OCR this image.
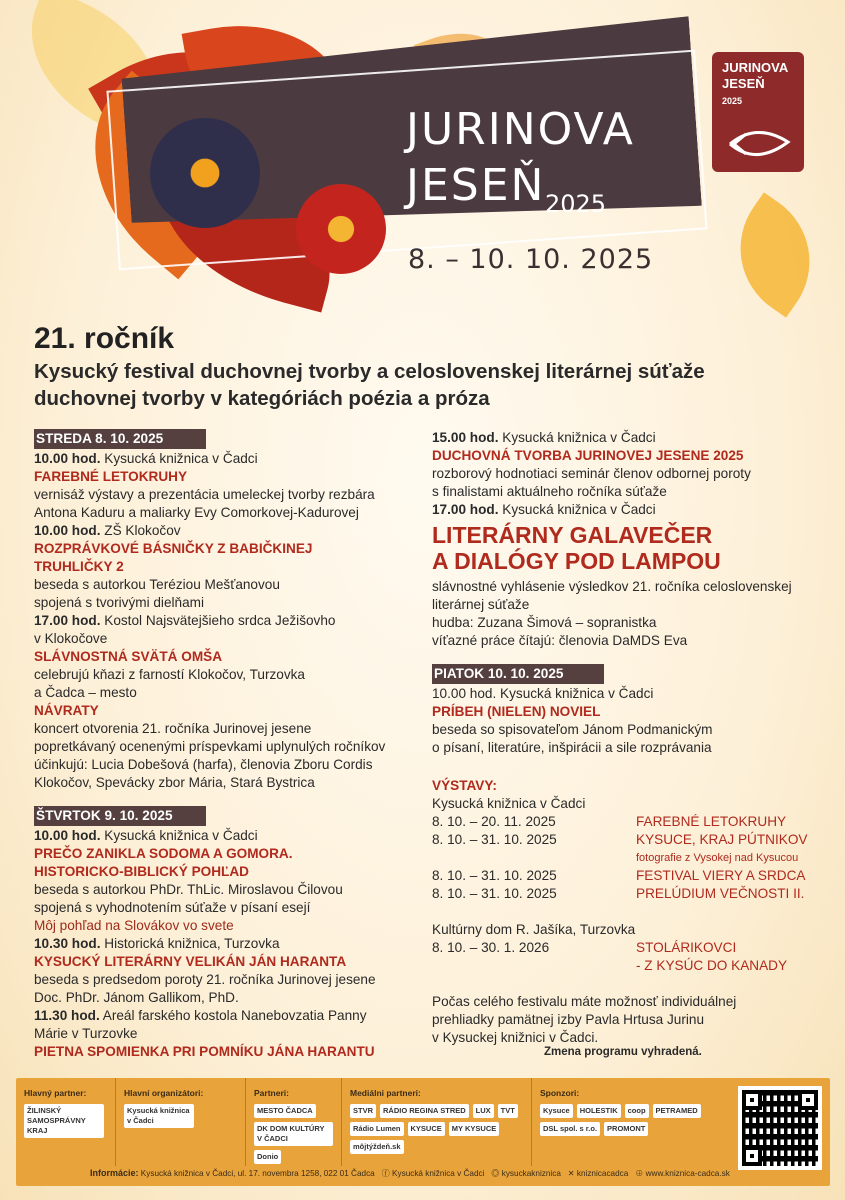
JURINOVA
JESEŇ 2025
8. – 10. 10. 2025
JURINOVA
JESEŇ
2025
21. ročník
Kysucký festival duchovnej tvorby a celoslovenskej literárnej súťaže
duchovnej tvorby v kategóriách poézia a próza
STREDA 8. 10. 2025
10.00 hod. Kysucká knižnica v Čadci
FAREBNÉ LETOKRUHY
vernisáž výstavy a prezentácia umeleckej tvorby rezbára
Antona Kaduru a maliarky Evy Comorkovej-Kadurovej
10.00 hod. ZŠ Klokočov
ROZPRÁVKOVÉ BÁSNIČKY Z BABIČKINEJ
TRUHLIČKY 2
beseda s autorkou Teréziou Mešťanovou
spojená s tvorivými dielňami
17.00 hod. Kostol Najsvätejšieho srdca Ježišovho
v Klokočove
SLÁVNOSTNÁ SVÄTÁ OMŠA
celebrujú kňazi z farností Klokočov, Turzovka
a Čadca – mesto
NÁVRATY
koncert otvorenia 21. ročníka Jurinovej jesene
popretkávaný ocenenými príspevkami uplynulých ročníkov
účinkujú: Lucia Dobešová (harfa), členovia Zboru Cordis
Klokočov, Spevácky zbor Mária, Stará Bystrica
ŠTVRTOK 9. 10. 2025
10.00 hod. Kysucká knižnica v Čadci
PREČO ZANIKLA SODOMA A GOMORA.
HISTORICKO-BIBLICKÝ POHĽAD
beseda s autorkou PhDr. ThLic. Miroslavou Čilovou
spojená s vyhodnotením súťaže v písaní esejí
Môj pohľad na Slovákov vo svete
10.30 hod. Historická knižnica, Turzovka
KYSUCKÝ LITERÁRNY VELIKÁN JÁN HARANTA
beseda s predsedom poroty 21. ročníka Jurinovej jesene
Doc. PhDr. Jánom Gallikom, PhD.
11.30 hod. Areál farského kostola Nanebovzatia Panny
Márie v Turzovke
PIETNA SPOMIENKA PRI POMNÍKU JÁNA HARANTU
15.00 hod. Kysucká knižnica v Čadci
DUCHOVNÁ TVORBA JURINOVEJ JESENE 2025
rozborový hodnotiaci seminár členov odbornej poroty
s finalistami aktuálneho ročníka súťaže
17.00 hod. Kysucká knižnica v Čadci
LITERÁRNY GALAVEČER
A DIALÓGY POD LAMPOU
slávnostné vyhlásenie výsledkov 21. ročníka celoslovenskej
literárnej súťaže
hudba: Zuzana Šimová – sopranistka
víťazné práce čítajú: členovia DaMDS Eva
PIATOK 10. 10. 2025
10.00 hod. Kysucká knižnica v Čadci
PRÍBEH (NIELEN) NOVIEL
beseda so spisovateľom Jánom Podmanickým
o písaní, literatúre, inšpirácii a sile rozprávania
VÝSTAVY:
Kysucká knižnica v Čadci
8. 10. – 20. 11. 2025	FAREBNÉ LETOKRUHY
8. 10. – 31. 10. 2025	KYSUCE, KRAJ PÚTNIKOV
fotografie z Vysokej nad Kysucou
8. 10. – 31. 10. 2025	FESTIVAL VIERY A SRDCA
8. 10. – 31. 10. 2025	PRELÚDIUM VEČNOSTI II.
Kultúrny dom R. Jašíka, Turzovka
8. 10. – 30. 1. 2026	STOLÁRIKOVCI
- Z KYSÚC DO KANADY
Počas celého festivalu máte možnosť individuálnej
prehliadky pamätnej izby Pavla Hrtusa Jurinu
v Kysuckej knižnici v Čadci.
Zmena programu vyhradená.
Hlavný partner:
ŽILINSKÝ SAMOSPRÁVNY KRAJ
Hlavní organizátori:
Kysucká knižnica v Čadci
Partneri:
MESTO ČADCA
DK DOM KULTÚRY V ČADCI
Donio
Mediálni partneri:
STVR	RÁDIO REGINA STRED	LUX	TVT
Rádio Lumen	KYSUCE	MY KYSUCE
môjtýždeň.sk
Sponzori:
Kysuce	HOLESTIK	coop	PETRAMED
DSL spol. s r.o.	PROMONT
Informácie: Kysucká knižnica v Čadci, ul. 17. novembra 1258, 022 01 Čadca ⓕ Kysucká knižnica v Čadci ◎ kysuckakniznica ✕ kniznicacadca ⊕ www.kniznica-cadca.sk
